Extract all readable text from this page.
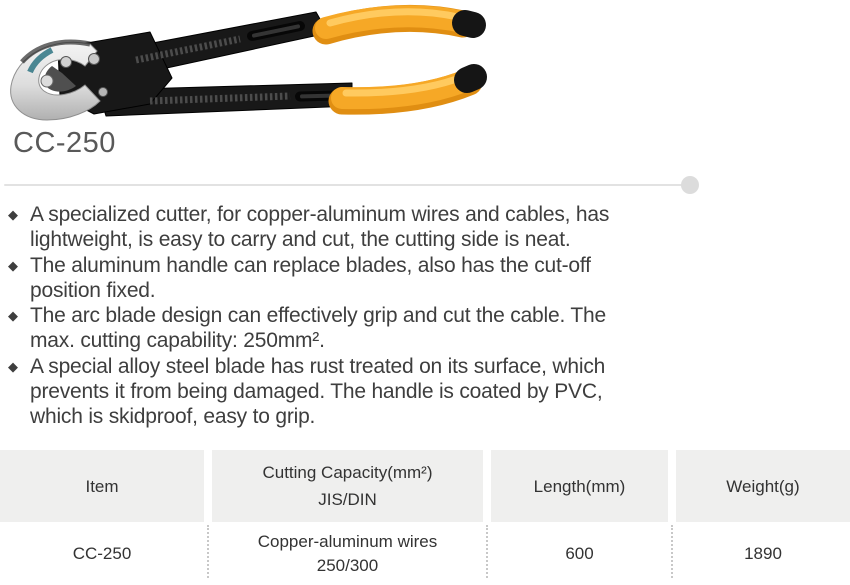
CC-250
◆ A specialized cutter, for copper-aluminum wires and cables, has
lightweight, is easy to carry and cut, the cutting side is neat.
◆ The aluminum handle can replace blades, also has the cut-off
position fixed.
◆ The arc blade design can effectively grip and cut the cable. The
max. cutting capability: 250mm².
◆ A special alloy steel blade has rust treated on its surface, which
prevents it from being damaged. The handle is coated by PVC,
which is skidproof, easy to grip.
Item
Cutting Capacity(mm²)
JIS/DIN
Length(mm)	Weight(g)
CC-250
Copper-aluminum wires
250/300
600	1890
